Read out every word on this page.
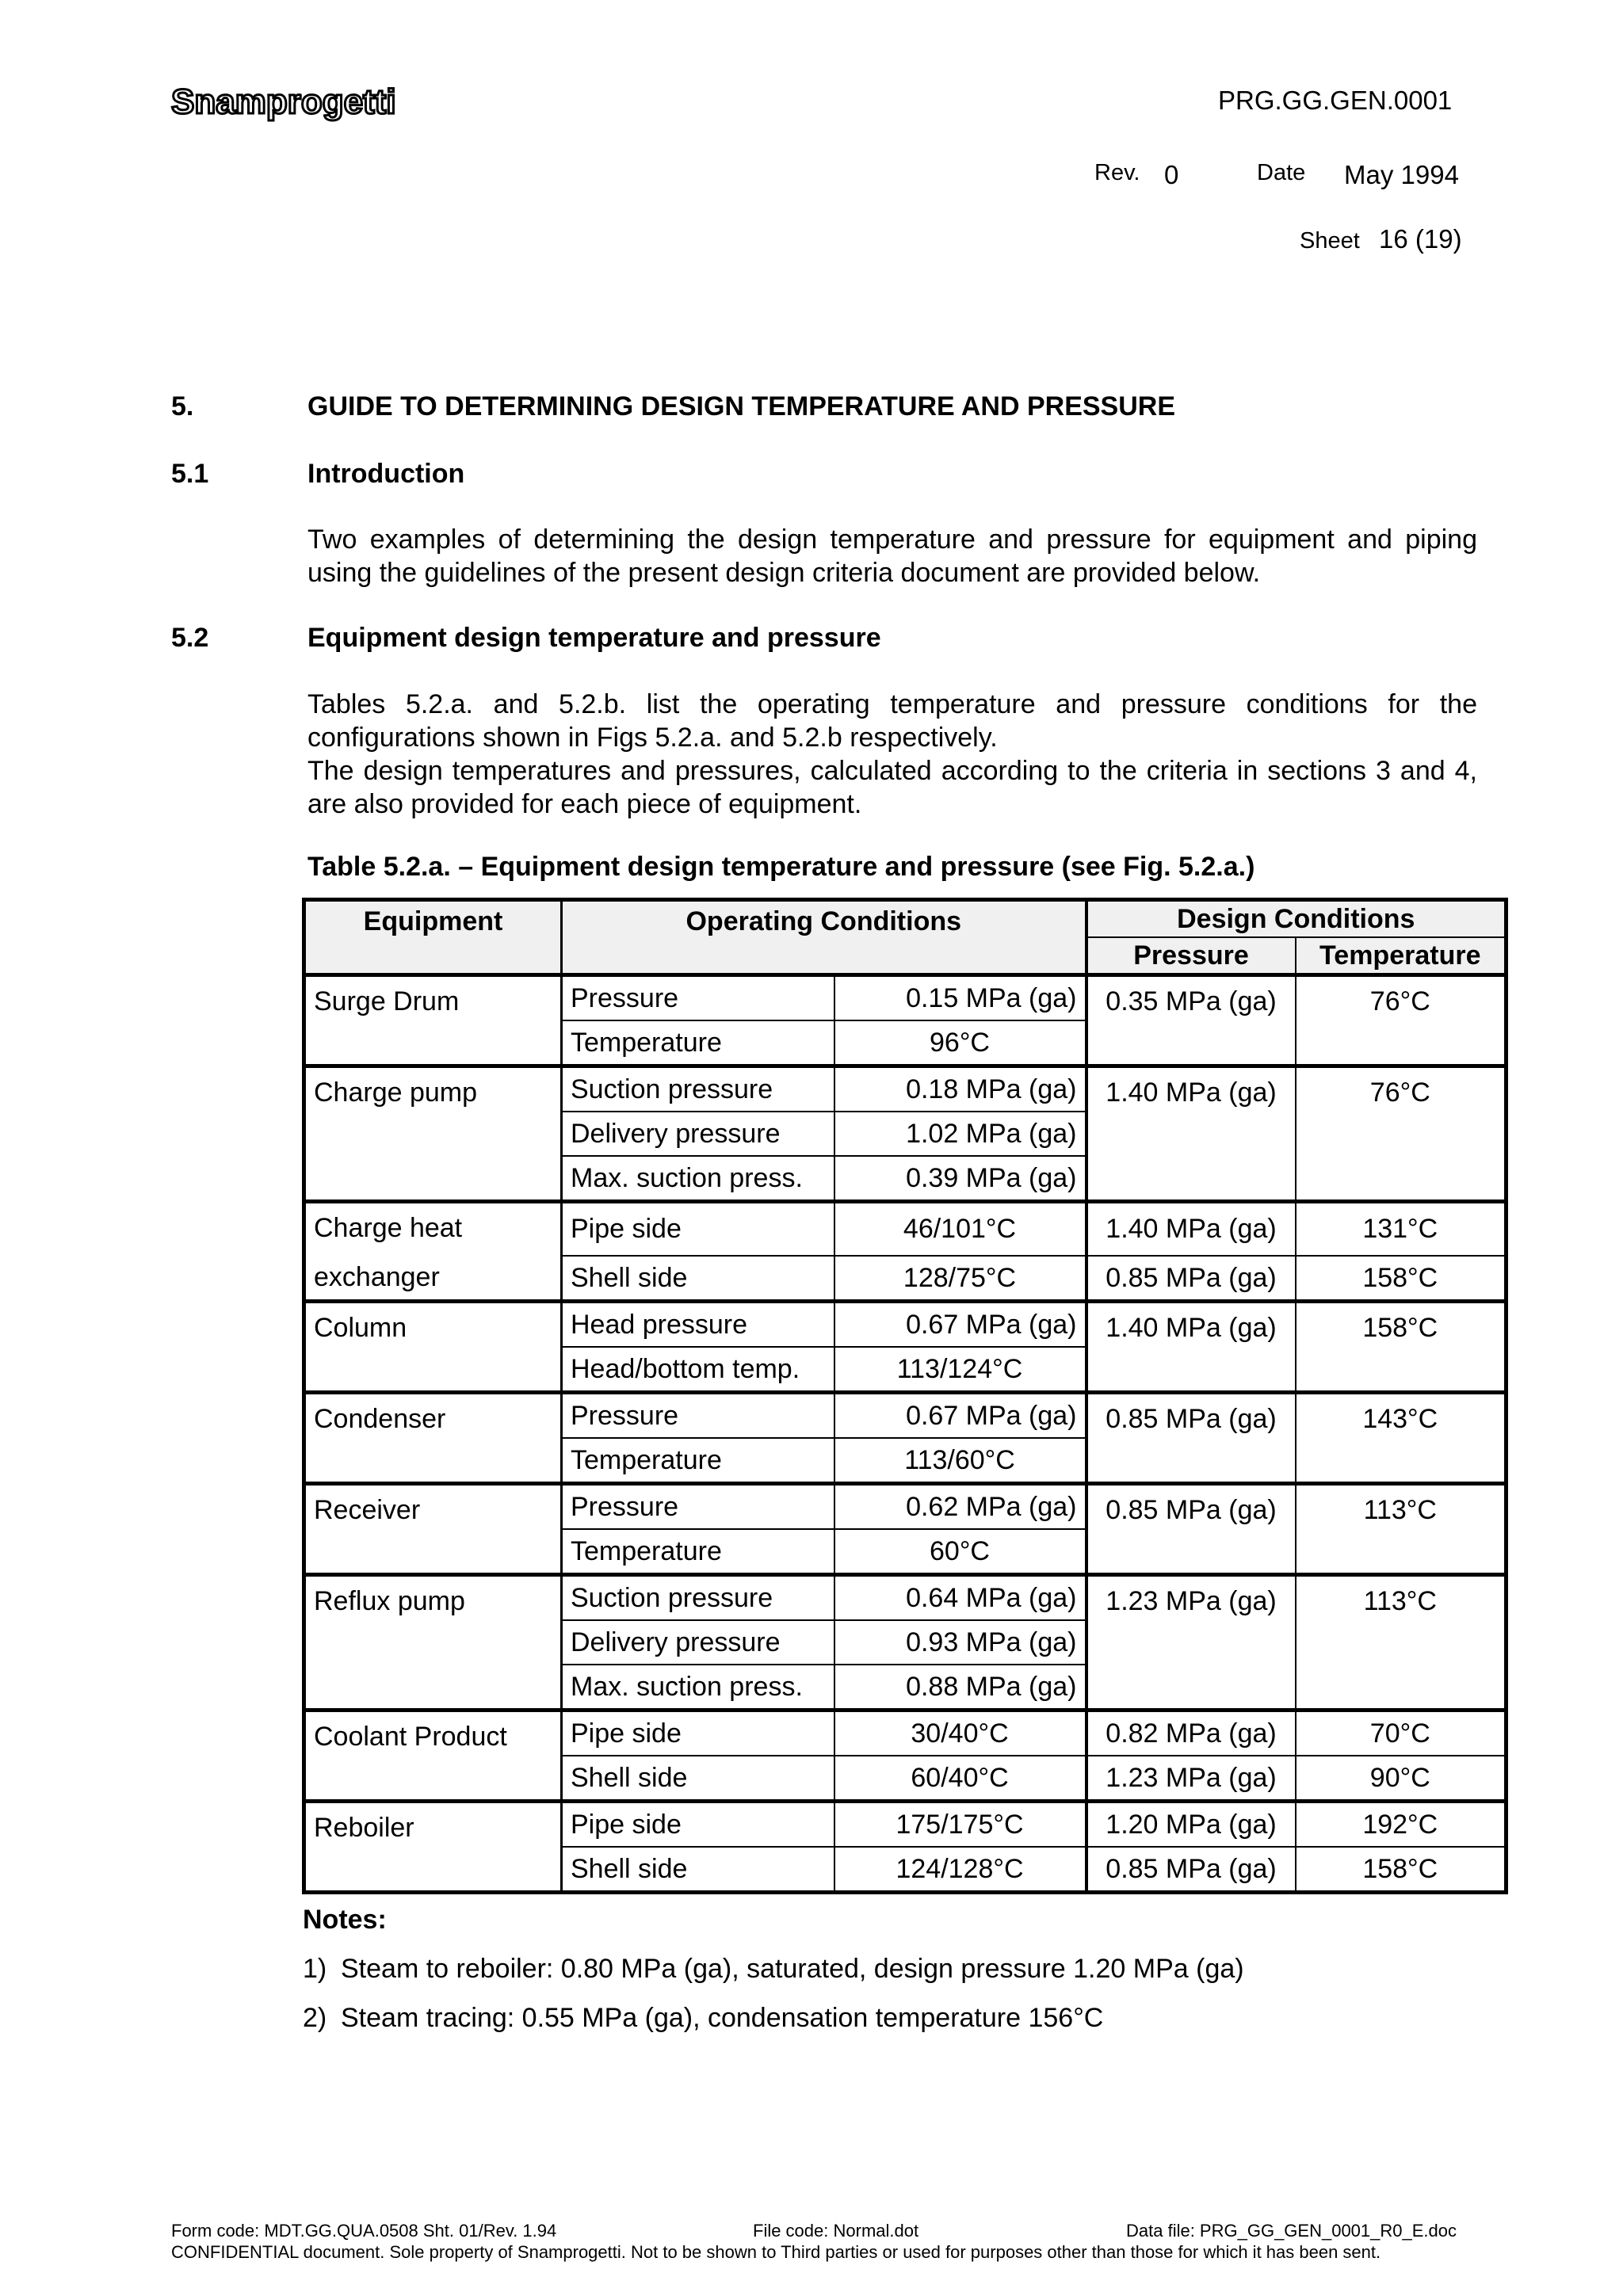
Snamprogetti	PRG.GG.GEN.0001
Rev. 0	Date May 1994
Sheet 16 (19)
5.	GUIDE TO DETERMINING DESIGN TEMPERATURE AND PRESSURE
5.1	Introduction

Two examples of determining the design temperature and pressure for equipment and piping using the guidelines of the present design criteria document are provided below.

5.2	Equipment design temperature and pressure

Tables 5.2.a. and 5.2.b. list the operating temperature and pressure conditions for the configurations shown in Figs 5.2.a. and 5.2.b respectively.

The design temperatures and pressures, calculated according to the criteria in sections 3 and 4, are also provided for each piece of equipment.

Table 5.2.a. – Equipment design temperature and pressure (see Fig. 5.2.a.)
Equipment	Operating Conditions		Design Conditions	
			Pressure	Temperature
Surge Drum	Pressure	0.15 MPa (ga)	0.35 MPa (ga)	76°C
	Temperature	96°C		
Charge pump	Suction pressure	0.18 MPa (ga)	1.40 MPa (ga)	76°C
	Delivery pressure	1.02 MPa (ga)		
	Max. suction press.	0.39 MPa (ga)		
Charge heat	Pipe side	46/101°C	1.40 MPa (ga)	131°C
exchanger	Shell side	128/75°C	0.85 MPa (ga)	158°C
Column	Head pressure	0.67 MPa (ga)	1.40 MPa (ga)	158°C
	Head/bottom temp.	113/124°C		
Condenser	Pressure	0.67 MPa (ga)	0.85 MPa (ga)	143°C
	Temperature	113/60°C		
Receiver	Pressure	0.62 MPa (ga)	0.85 MPa (ga)	113°C
	Temperature	60°C		
Reflux pump	Suction pressure	0.64 MPa (ga)	1.23 MPa (ga)	113°C
	Delivery pressure	0.93 MPa (ga)		
	Max. suction press.	0.88 MPa (ga)		
Coolant Product	Pipe side	30/40°C	0.82 MPa (ga)	70°C
	Shell side	60/40°C	1.23 MPa (ga)	90°C
Reboiler	Pipe side	175/175°C	1.20 MPa (ga)	192°C
	Shell side	124/128°C	0.85 MPa (ga)	158°C
Notes:
1) Steam to reboiler: 0.80 MPa (ga), saturated, design pressure 1.20 MPa (ga)
2) Steam tracing: 0.55 MPa (ga), condensation temperature 156°C
Form code: MDT.GG.QUA.0508 Sht. 01/Rev. 1.94	File code: Normal.dot	Data file: PRG_GG_GEN_0001_R0_E.doc
CONFIDENTIAL document. Sole property of Snamprogetti. Not to be shown to Third parties or used for purposes other than those for which it has been sent.
